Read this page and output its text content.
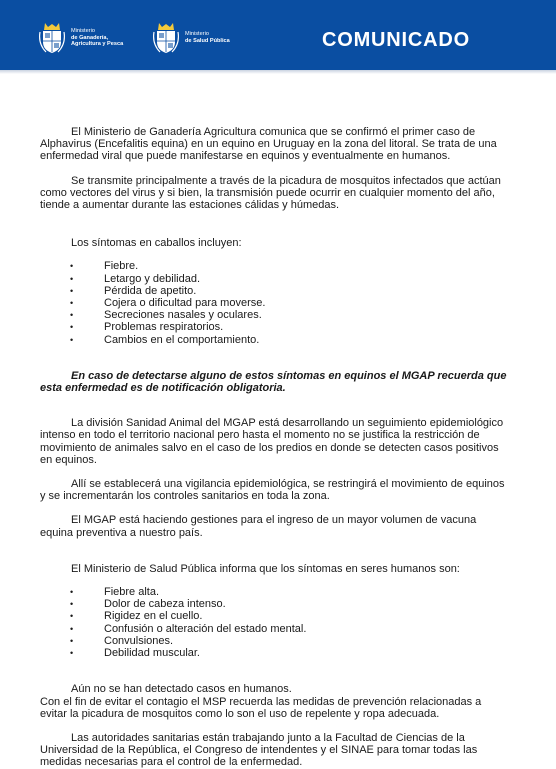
Ministerio
de Ganadería,
Agricultura y Pesca
Ministerio
de Salud Pública	COMUNICADO

El Ministerio de Ganadería Agricultura comunica que se confirmó el primer caso de Alphavirus (Encefalitis equina) en un equino en Uruguay en la zona del litoral. Se trata de una enfermedad viral que puede manifestarse en equinos y eventualmente en humanos.

Se transmite principalmente a través de la picadura de mosquitos infectados que actúan como vectores del virus y si bien, la transmisión puede ocurrir en cualquier momento del año, tiende a aumentar durante las estaciones cálidas y húmedas.

Los síntomas en caballos incluyen:

• Fiebre.
• Letargo y debilidad.
• Pérdida de apetito.
• Cojera o dificultad para moverse.
• Secreciones nasales y oculares.
• Problemas respiratorios.
• Cambios en el comportamiento.

En caso de detectarse alguno de estos síntomas en equinos el MGAP recuerda que esta enfermedad es de notificación obligatoria.

La división Sanidad Animal del MGAP está desarrollando un seguimiento epidemiológico intenso en todo el territorio nacional pero hasta el momento no se justifica la restricción de movimiento de animales salvo en el caso de los predios en donde se detecten casos positivos en equinos.

Allí se establecerá una vigilancia epidemiológica, se restringirá el movimiento de equinos y se incrementarán los controles sanitarios en toda la zona.

El MGAP está haciendo gestiones para el ingreso de un mayor volumen de vacuna equina preventiva a nuestro país.

El Ministerio de Salud Pública informa que los síntomas en seres humanos son:

• Fiebre alta.
• Dolor de cabeza intenso.
• Rigidez en el cuello.
• Confusión o alteración del estado mental.
• Convulsiones.
• Debilidad muscular.

Aún no se han detectado casos en humanos.

Con el fin de evitar el contagio el MSP recuerda las medidas de prevención relacionadas a evitar la picadura de mosquitos como lo son el uso de repelente y ropa adecuada.

Las autoridades sanitarias están trabajando junto a la Facultad de Ciencias de la Universidad de la República, el Congreso de intendentes y el SINAE para tomar todas las medidas necesarias para el control de la enfermedad.
